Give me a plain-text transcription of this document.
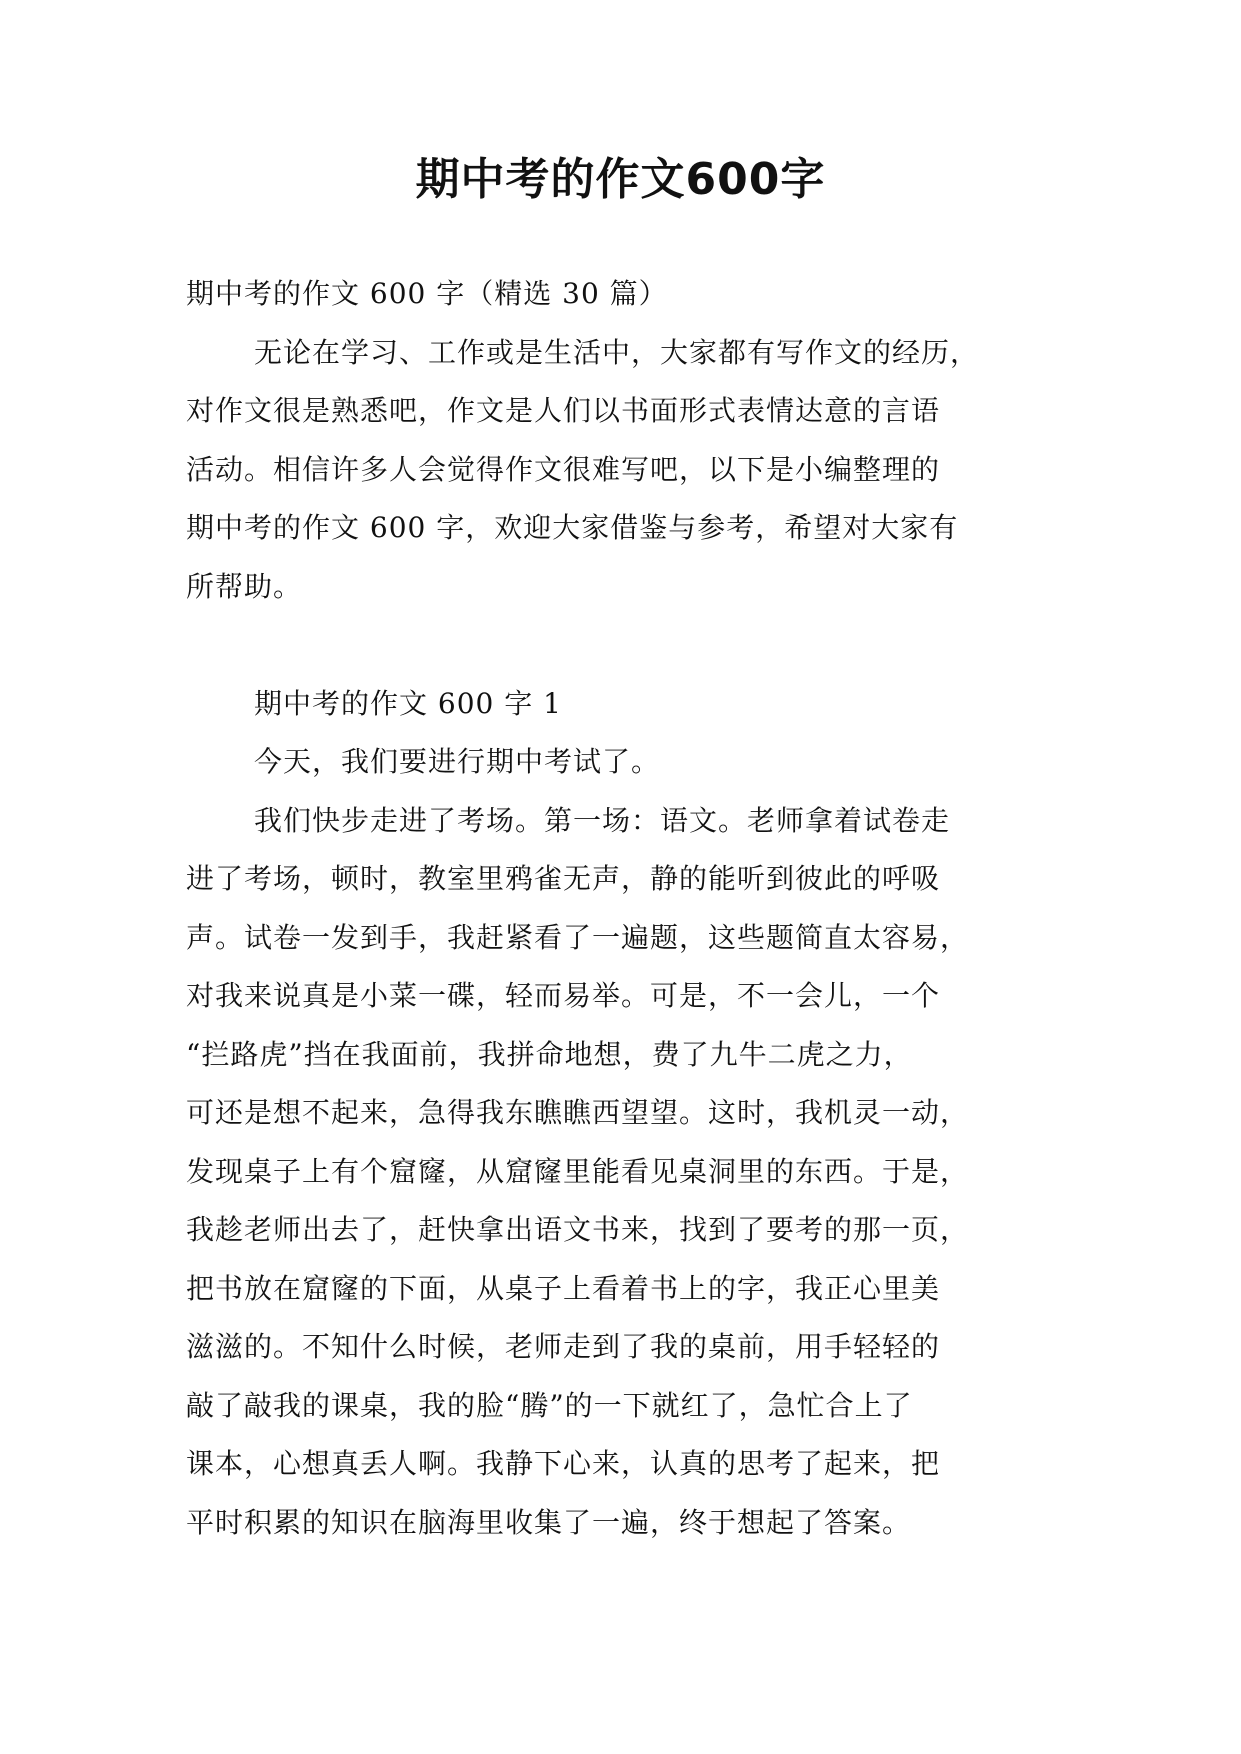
期中考的作文600字
期中考的作文 600 字（精选 30 篇）
无论在学习、工作或是生活中，大家都有写作文的经历，
对作文很是熟悉吧，作文是人们以书面形式表情达意的言语
活动。相信许多人会觉得作文很难写吧，以下是小编整理的
期中考的作文 600 字，欢迎大家借鉴与参考，希望对大家有
所帮助。
期中考的作文 600 字 1
今天，我们要进行期中考试了。
我们快步走进了考场。第一场：语文。老师拿着试卷走
进了考场，顿时，教室里鸦雀无声，静的能听到彼此的呼吸
声。试卷一发到手，我赶紧看了一遍题，这些题简直太容易，
对我来说真是小菜一碟，轻而易举。可是，不一会儿，一个
“拦路虎”挡在我面前，我拼命地想，费了九牛二虎之力，
可还是想不起来，急得我东瞧瞧西望望。这时，我机灵一动，
发现桌子上有个窟窿，从窟窿里能看见桌洞里的东西。于是，
我趁老师出去了，赶快拿出语文书来，找到了要考的那一页，
把书放在窟窿的下面，从桌子上看着书上的字，我正心里美
滋滋的。不知什么时候，老师走到了我的桌前，用手轻轻的
敲了敲我的课桌，我的脸“腾”的一下就红了，急忙合上了
课本，心想真丢人啊。我静下心来，认真的思考了起来，把
平时积累的知识在脑海里收集了一遍，终于想起了答案。
